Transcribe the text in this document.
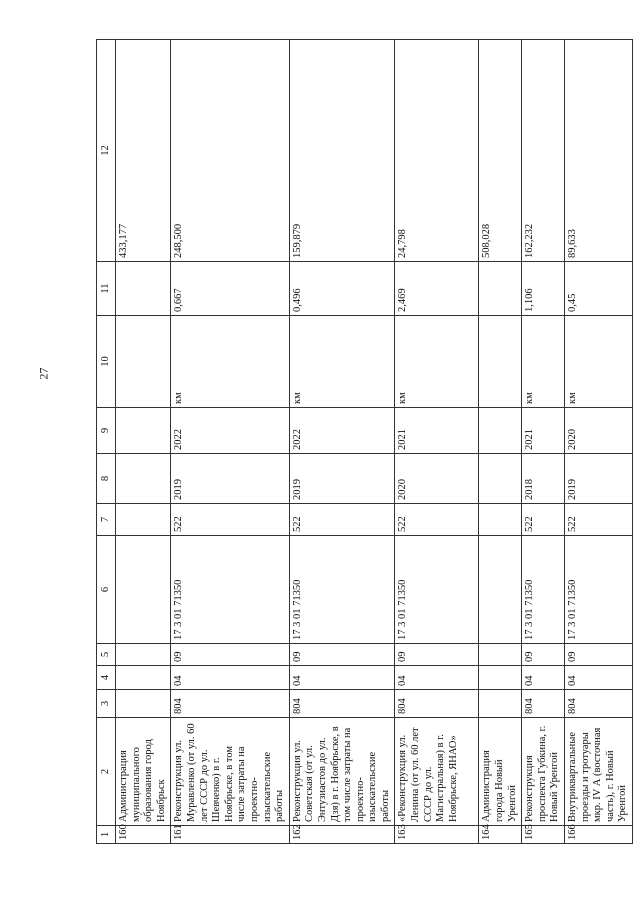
27
1	2	3	4	5	6	7	8	9	10	11	12
160	Администрация муниципального образования город Ноябрьск										433,177
161	Реконструкция ул. Муравленко (от ул. 60 лет СССР до ул. Шевченко) в г. Ноябрьске, в том числе затраты на проектно-изыскательские работы	804	04	09	17 3 01 71350	522	2019	2022	км	0,667	248,500
162	Реконструкция ул. Советская (от ул. Энтузиастов до ул. Дзя) в г. Ноябрьске, в том числе затраты на проектно-изыскательские работы	804	04	09	17 3 01 71350	522	2019	2022	км	0,496	159,879
163	«Реконструкция ул. Ленина (от ул. 60 лет СССР до ул. Магистральная) в г. Ноябрьске, ЯНАО»	804	04	09	17 3 01 71350	522	2020	2021	км	2,469	24,798
164	Администрация города Новый Уренгой										508,028
165	Реконструкция проспекта Губкина, г. Новый Уренгой	804	04	09	17 3 01 71350	522	2018	2021	км	1,106	162,232
166	Внутриквартальные проезды и тротуары мкр. IV А (восточная часть), г. Новый Уренгой	804	04	09	17 3 01 71350	522	2019	2020	км	0,45	89,633
